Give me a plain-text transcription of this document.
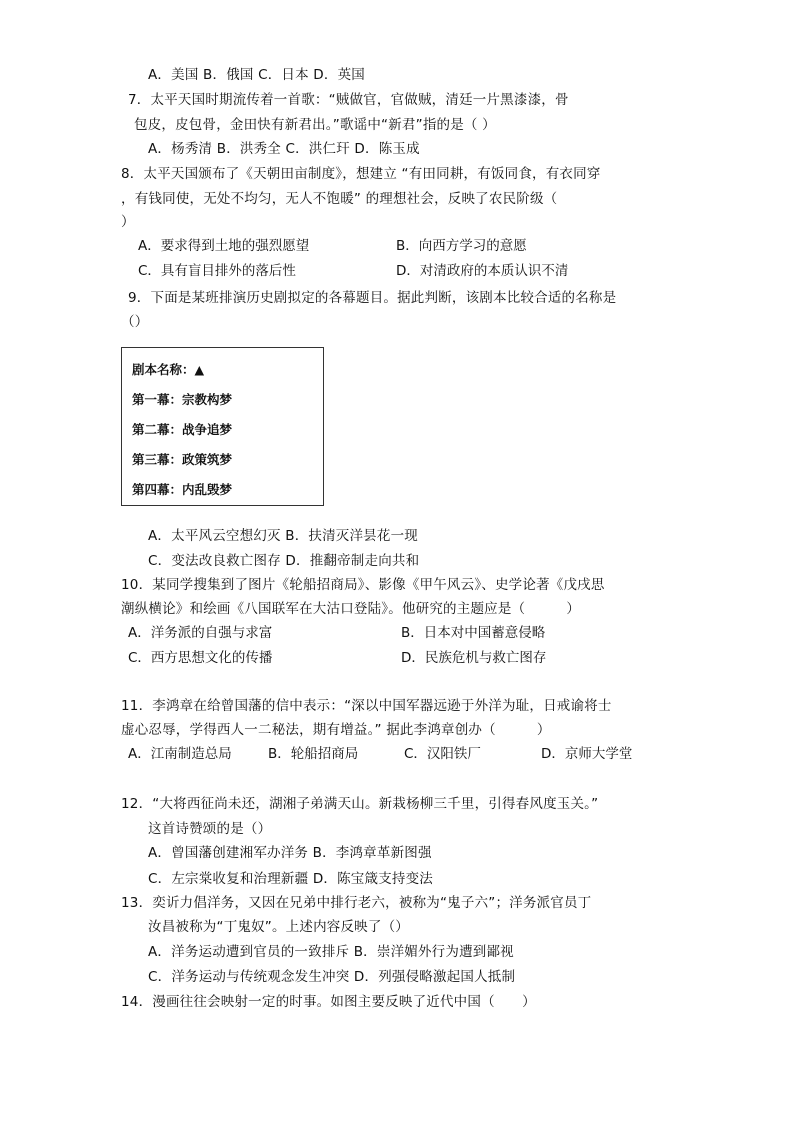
A．美国 B．俄国 C．日本 D．英国
7．太平天国时期流传着一首歌：“贼做官，官做贼，清廷一片黑漆漆，骨
包皮，皮包骨，金田快有新君出。”歌谣中“新君”指的是（ ）
A．杨秀清 B．洪秀全 C．洪仁玕 D．陈玉成
8．太平天国颁布了《天朝田亩制度》，想建立 “有田同耕，有饭同食，有衣同穿
，有钱同使，无处不均匀，无人不饱暖” 的理想社会，反映了农民阶级（
）
A．要求得到土地的强烈愿望	B．向西方学习的意愿
C．具有盲目排外的落后性	D．对清政府的本质认识不清
9．下面是某班排演历史剧拟定的各幕题目。据此判断，该剧本比较合适的名称是
（）
剧本名称：▲
第一幕：宗教构梦
第二幕：战争追梦
第三幕：政策筑梦
第四幕：内乱毁梦
A．太平风云空想幻灭 B．扶清灭洋昙花一现
C．变法改良救亡图存 D．推翻帝制走向共和
10．某同学搜集到了图片《轮船招商局》、影像《甲午风云》、史学论著《戊戌思
潮纵横论》和绘画《八国联军在大沽口登陆》。他研究的主题应是（　　　）
A．洋务派的自强与求富	B．日本对中国蓄意侵略
C．西方思想文化的传播	D．民族危机与救亡图存
11．李鸿章在给曾国藩的信中表示：“深以中国军器远逊于外洋为耻，日戒谕将士
虚心忍辱，学得西人一二秘法，期有增益。” 据此李鸿章创办（　　　）
A．江南制造总局	B．轮船招商局	C．汉阳铁厂	D．京师大学堂
12．“大将西征尚未还，湖湘子弟满天山。新栽杨柳三千里，引得春风度玉关。”
这首诗赞颂的是（）
A．曾国藩创建湘军办洋务 B．李鸿章革新图强
C．左宗棠收复和治理新疆 D．陈宝箴支持变法
13．奕䜣力倡洋务，又因在兄弟中排行老六，被称为“鬼子六”；洋务派官员丁
汝昌被称为“丁鬼奴”。上述内容反映了（）
A．洋务运动遭到官员的一致排斥 B．崇洋媚外行为遭到鄙视
C．洋务运动与传统观念发生冲突 D．列强侵略激起国人抵制
14．漫画往往会映射一定的时事。如图主要反映了近代中国（　　）
